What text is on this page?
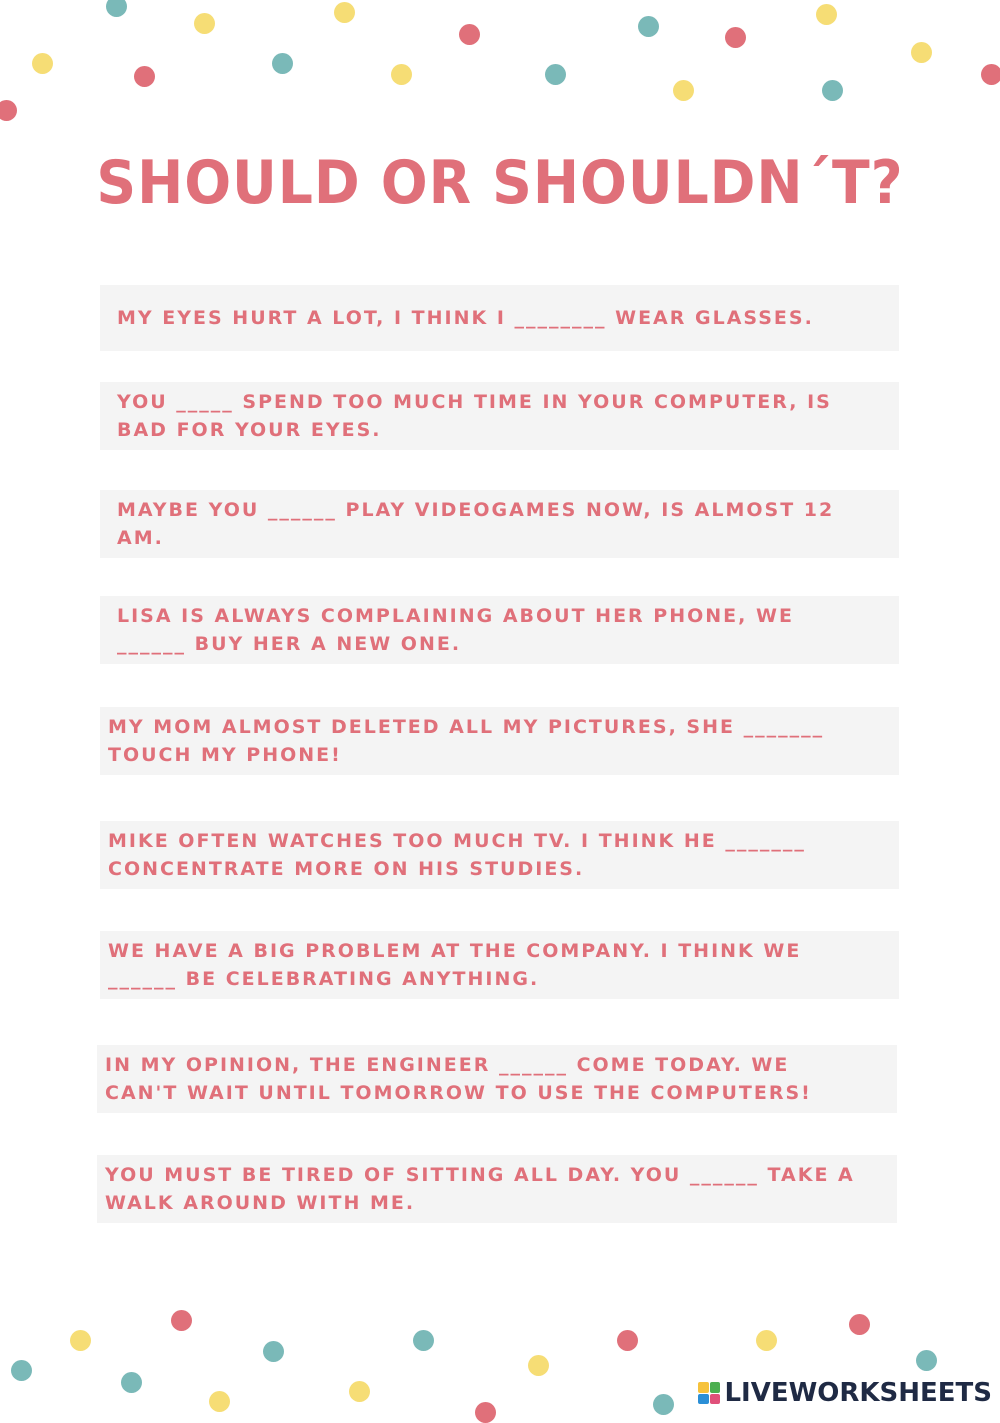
SHOULD OR SHOULDN´T?
MY EYES HURT A LOT, I THINK I ________ WEAR GLASSES.
YOU _____ SPEND TOO MUCH TIME IN YOUR COMPUTER, IS BAD FOR YOUR EYES.
MAYBE YOU ______ PLAY VIDEOGAMES NOW, IS ALMOST 12 AM.
LISA IS ALWAYS COMPLAINING ABOUT HER PHONE, WE ______ BUY HER A NEW ONE.
MY MOM ALMOST DELETED ALL MY PICTURES, SHE _______ TOUCH MY PHONE!
MIKE OFTEN WATCHES TOO MUCH TV. I THINK HE _______ CONCENTRATE MORE ON HIS STUDIES.
WE HAVE A BIG PROBLEM AT THE COMPANY. I THINK WE ______ BE CELEBRATING ANYTHING.
IN MY OPINION, THE ENGINEER ______ COME TODAY. WE CAN'T WAIT UNTIL TOMORROW TO USE THE COMPUTERS!
YOU MUST BE TIRED OF SITTING ALL DAY. YOU ______ TAKE A WALK AROUND WITH ME.
LIVEWORKSHEETS
